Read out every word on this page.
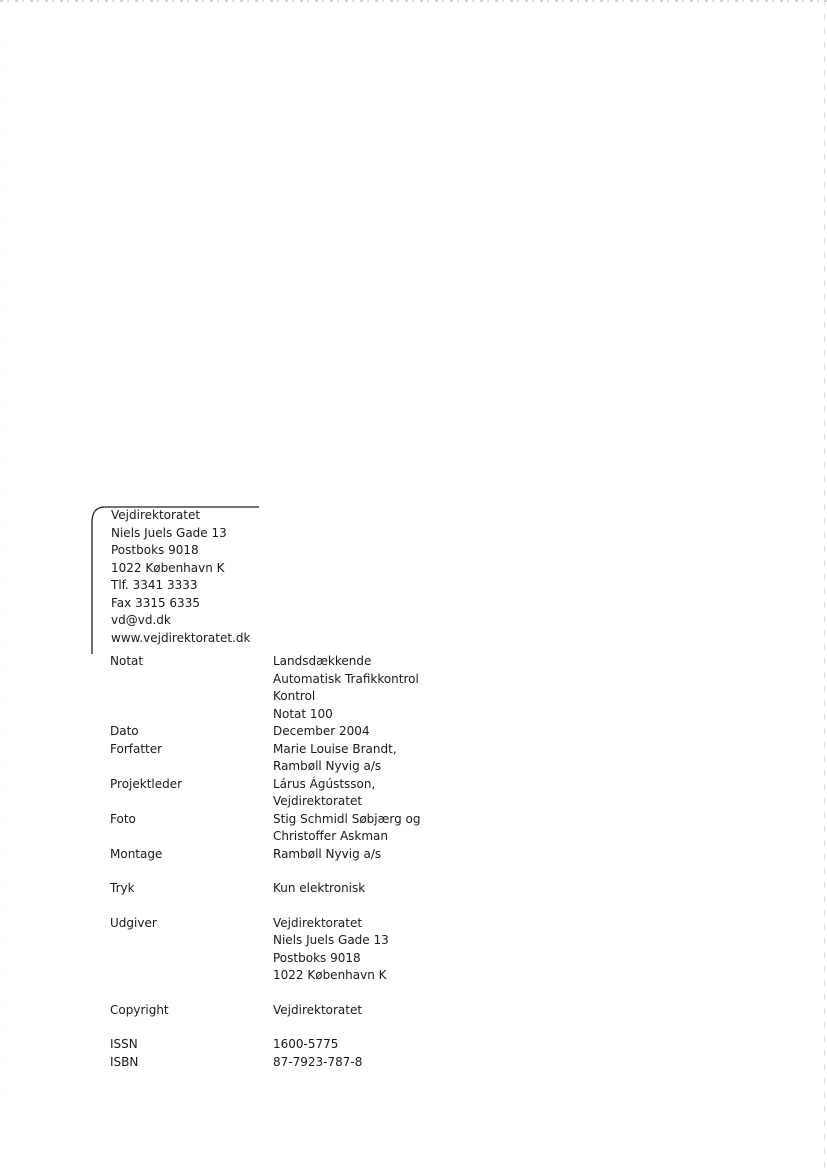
Vejdirektoratet
Niels Juels Gade 13
Postboks 9018
1022 København K
Tlf. 3341 3333
Fax 3315 6335
vd@vd.dk
www.vejdirektoratet.dk
Notat	Landsdækkende
Automatisk Trafikkontrol
Kontrol
Notat 100
Dato	December 2004
Forfatter	Marie Louise Brandt,
Rambøll Nyvig a/s
Projektleder	Lárus Ágústsson,
Vejdirektoratet
Foto	Stig Schmidl Søbjærg og
Christoffer Askman
Montage	Rambøll Nyvig a/s
Tryk	Kun elektronisk
Udgiver	Vejdirektoratet
Niels Juels Gade 13
Postboks 9018
1022 København K
Copyright	Vejdirektoratet
ISSN	1600-5775
ISBN	87-7923-787-8
